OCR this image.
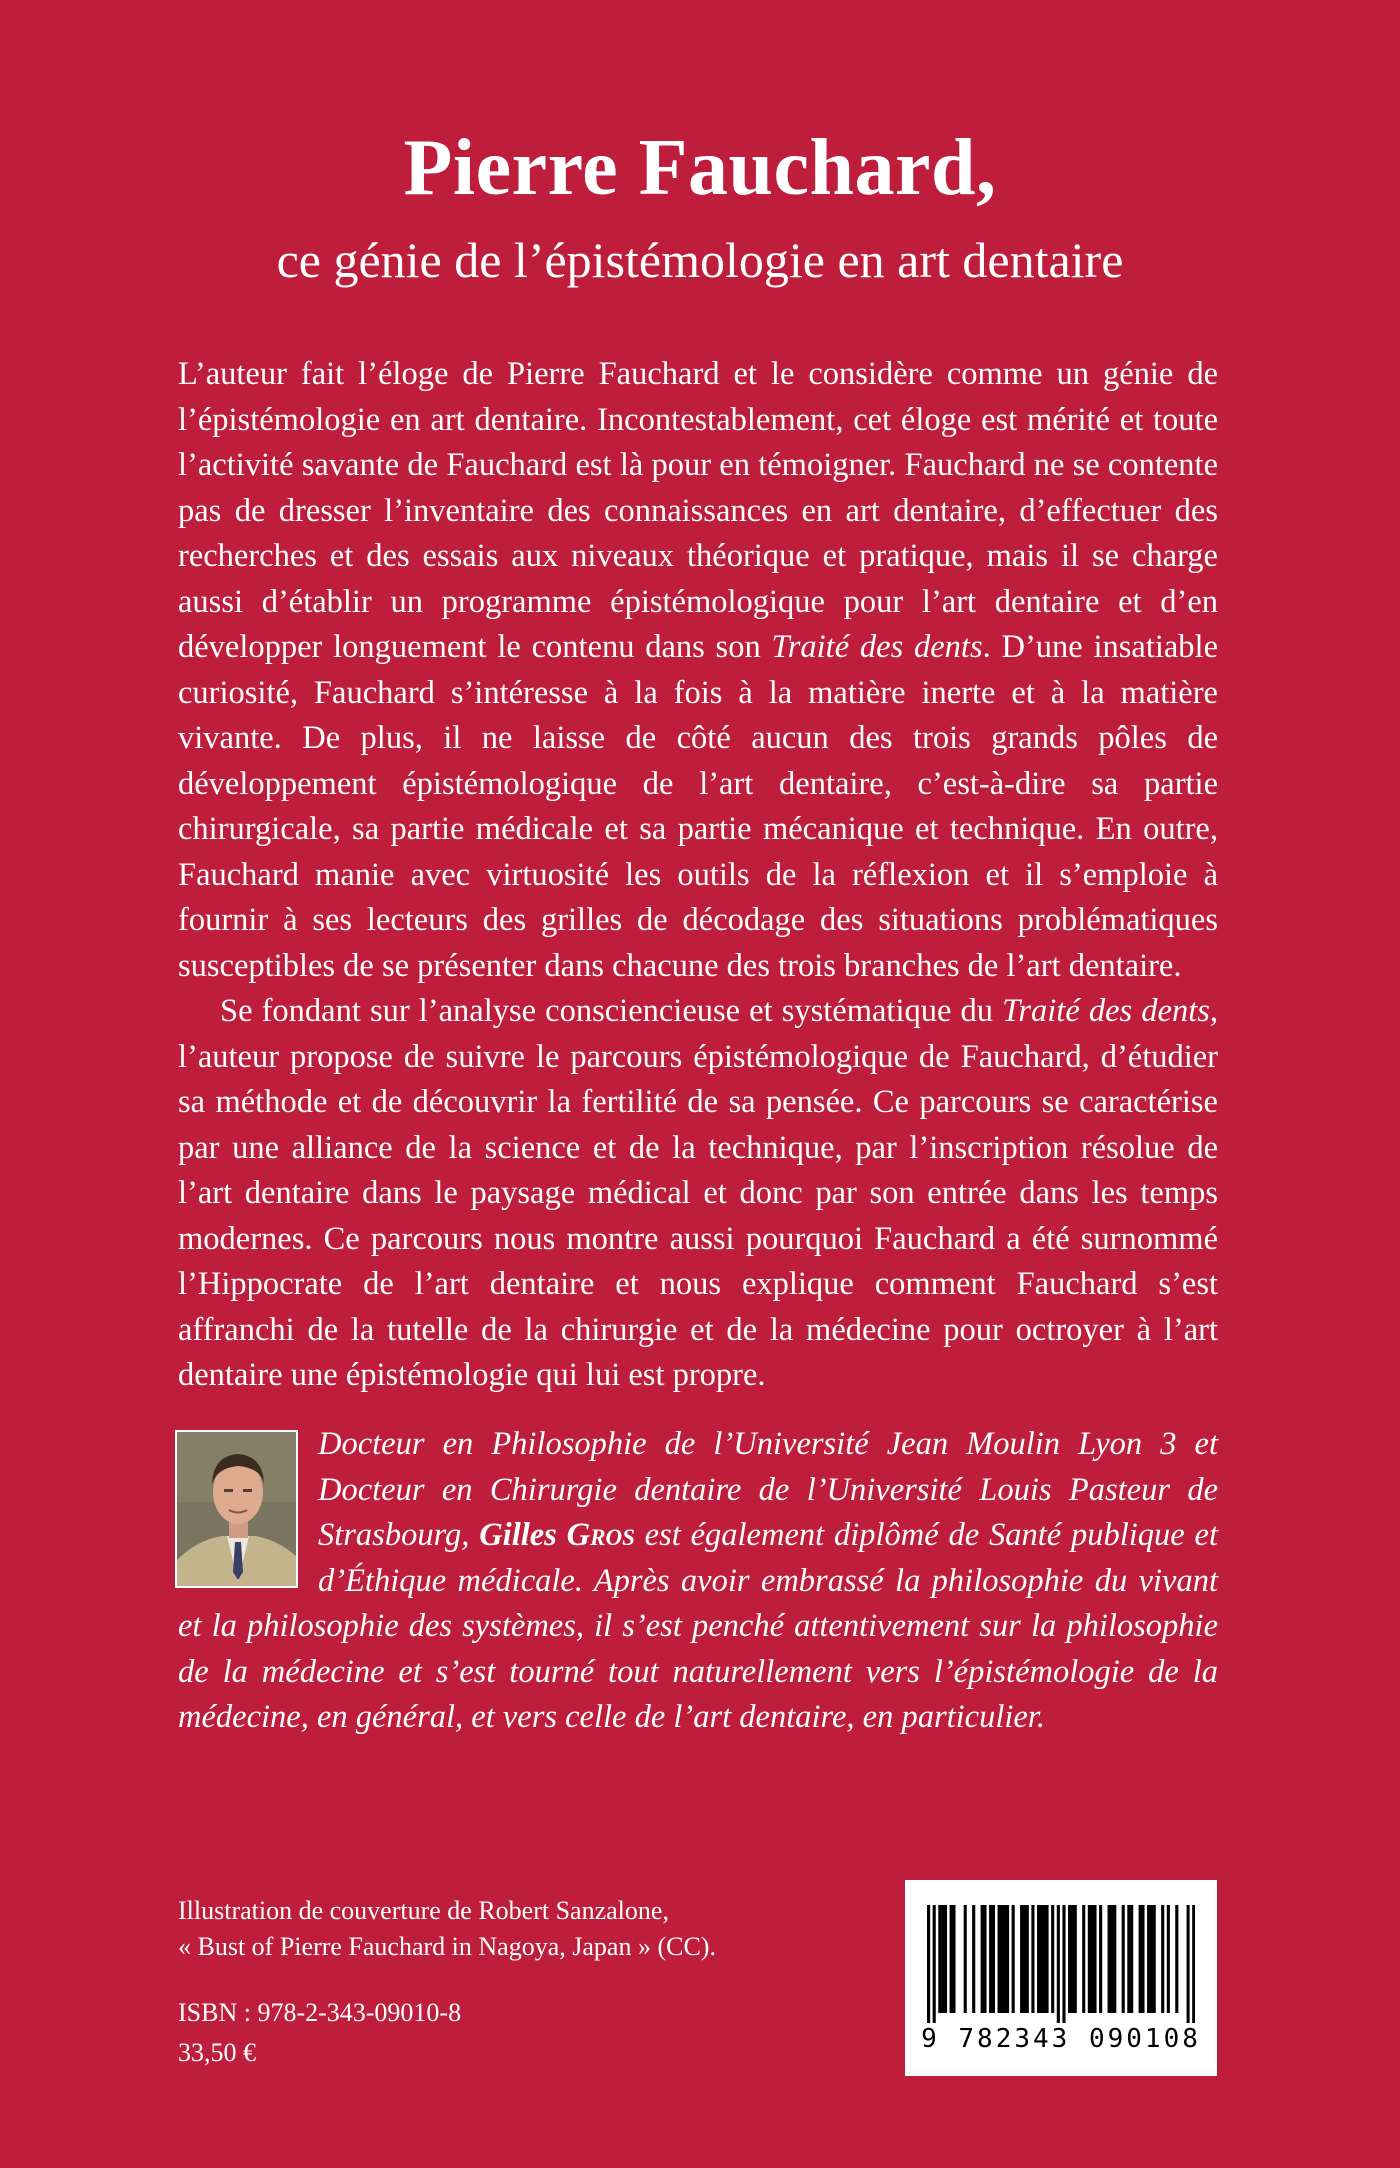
Pierre Fauchard,
ce génie de l’épistémologie en art dentaire

L’auteur fait l’éloge de Pierre Fauchard et le considère comme un génie de l’épistémologie en art dentaire. Incontestablement, cet éloge est mérité et toute l’activité savante de Fauchard est là pour en témoigner. Fauchard ne se contente pas de dresser l’inventaire des connaissances en art dentaire, d’effectuer des recherches et des essais aux niveaux théorique et pratique, mais il se charge aussi d’établir un programme épistémologique pour l’art dentaire et d’en développer longuement le contenu dans son Traité des dents. D’une insatiable curiosité, Fauchard s’intéresse à la fois à la matière inerte et à la matière vivante. De plus, il ne laisse de côté aucun des trois grands pôles de développement épistémologique de l’art dentaire, c’est-à-dire sa partie chirurgicale, sa partie médicale et sa partie mécanique et technique. En outre, Fauchard manie avec virtuosité les outils de la réflexion et il s’emploie à fournir à ses lecteurs des grilles de décodage des situations problématiques susceptibles de se présenter dans chacune des trois branches de l’art dentaire.

Se fondant sur l’analyse consciencieuse et systématique du Traité des dents, l’auteur propose de suivre le parcours épistémologique de Fauchard, d’étudier sa méthode et de découvrir la fertilité de sa pensée. Ce parcours se caractérise par une alliance de la science et de la technique, par l’inscription résolue de l’art dentaire dans le paysage médical et donc par son entrée dans les temps modernes. Ce parcours nous montre aussi pourquoi Fauchard a été surnommé l’Hippocrate de l’art dentaire et nous explique comment Fauchard s’est affranchi de la tutelle de la chirurgie et de la médecine pour octroyer à l’art dentaire une épistémologie qui lui est propre.

Docteur en Philosophie de l’Université Jean Moulin Lyon 3 et Docteur en Chirurgie dentaire de l’Université Louis Pasteur de Strasbourg, Gilles Gros est également diplômé de Santé publique et d’Éthique médicale. Après avoir embrassé la philosophie du vivant et la philosophie des systèmes, il s’est penché attentivement sur la philosophie de la médecine et s’est tourné tout naturellement vers l’épistémologie de la médecine, en général, et vers celle de l’art dentaire, en particulier.

Illustration de couverture de Robert Sanzalone,
« Bust of Pierre Fauchard in Nagoya, Japan » (CC).
ISBN : 978-2-343-09010-8
33,50 €	9 782343 090108
